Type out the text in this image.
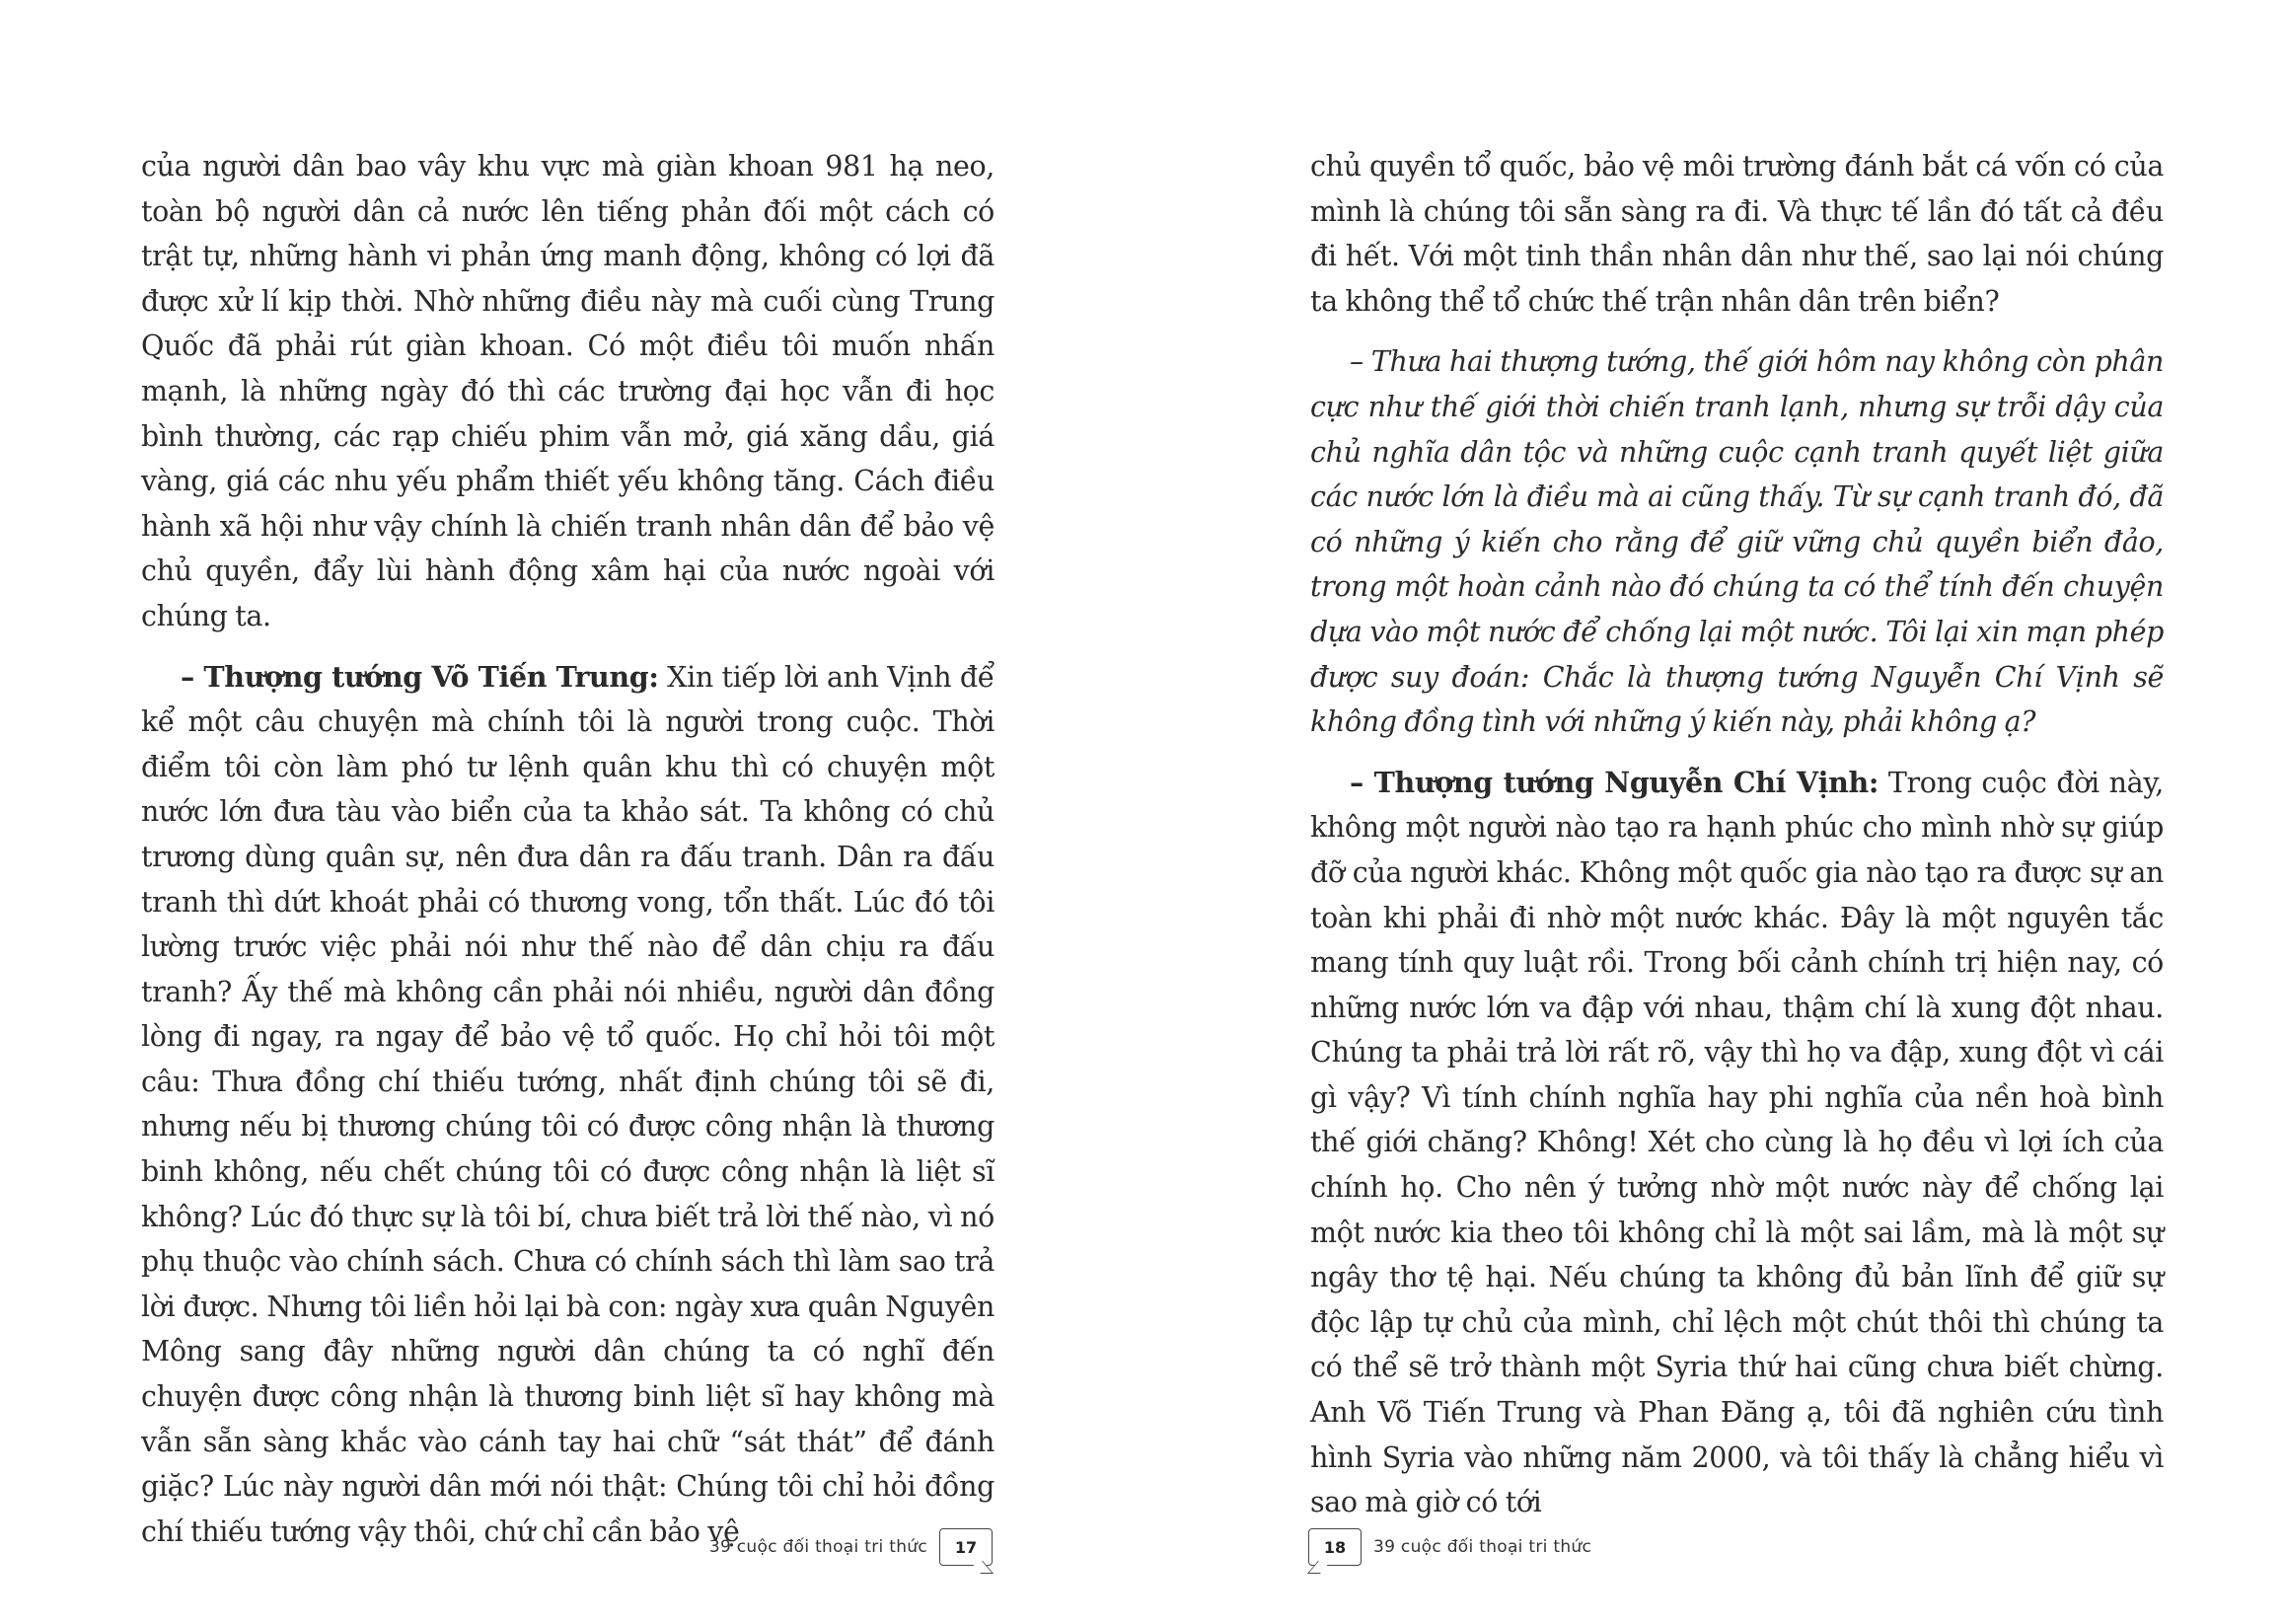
của người dân bao vây khu vực mà giàn khoan 981 hạ neo, toàn bộ người dân cả nước lên tiếng phản đối một cách có trật tự, những hành vi phản ứng manh động, không có lợi đã được xử lí kịp thời. Nhờ những điều này mà cuối cùng Trung Quốc đã phải rút giàn khoan. Có một điều tôi muốn nhấn mạnh, là những ngày đó thì các trường đại học vẫn đi học bình thường, các rạp chiếu phim vẫn mở, giá xăng dầu, giá vàng, giá các nhu yếu phẩm thiết yếu không tăng. Cách điều hành xã hội như vậy chính là chiến tranh nhân dân để bảo vệ chủ quyền, đẩy lùi hành động xâm hại của nước ngoài với chúng ta.

– Thượng tướng Võ Tiến Trung: Xin tiếp lời anh Vịnh để kể một câu chuyện mà chính tôi là người trong cuộc. Thời điểm tôi còn làm phó tư lệnh quân khu thì có chuyện một nước lớn đưa tàu vào biển của ta khảo sát. Ta không có chủ trương dùng quân sự, nên đưa dân ra đấu tranh. Dân ra đấu tranh thì dứt khoát phải có thương vong, tổn thất. Lúc đó tôi lường trước việc phải nói như thế nào để dân chịu ra đấu tranh? Ấy thế mà không cần phải nói nhiều, người dân đồng lòng đi ngay, ra ngay để bảo vệ tổ quốc. Họ chỉ hỏi tôi một câu: Thưa đồng chí thiếu tướng, nhất định chúng tôi sẽ đi, nhưng nếu bị thương chúng tôi có được công nhận là thương binh không, nếu chết chúng tôi có được công nhận là liệt sĩ không? Lúc đó thực sự là tôi bí, chưa biết trả lời thế nào, vì nó phụ thuộc vào chính sách. Chưa có chính sách thì làm sao trả lời được. Nhưng tôi liền hỏi lại bà con: ngày xưa quân Nguyên Mông sang đây những người dân chúng ta có nghĩ đến chuyện được công nhận là thương binh liệt sĩ hay không mà vẫn sẵn sàng khắc vào cánh tay hai chữ “sát thát” để đánh giặc? Lúc này người dân mới nói thật: Chúng tôi chỉ hỏi đồng chí thiếu tướng vậy thôi, chứ chỉ cần bảo vệ

39 cuộc đối thoại tri thức 17

chủ quyền tổ quốc, bảo vệ môi trường đánh bắt cá vốn có của mình là chúng tôi sẵn sàng ra đi. Và thực tế lần đó tất cả đều đi hết. Với một tinh thần nhân dân như thế, sao lại nói chúng ta không thể tổ chức thế trận nhân dân trên biển?

– Thưa hai thượng tướng, thế giới hôm nay không còn phân cực như thế giới thời chiến tranh lạnh, nhưng sự trỗi dậy của chủ nghĩa dân tộc và những cuộc cạnh tranh quyết liệt giữa các nước lớn là điều mà ai cũng thấy. Từ sự cạnh tranh đó, đã có những ý kiến cho rằng để giữ vững chủ quyền biển đảo, trong một hoàn cảnh nào đó chúng ta có thể tính đến chuyện dựa vào một nước để chống lại một nước. Tôi lại xin mạn phép được suy đoán: Chắc là thượng tướng Nguyễn Chí Vịnh sẽ không đồng tình với những ý kiến này, phải không ạ?

– Thượng tướng Nguyễn Chí Vịnh: Trong cuộc đời này, không một người nào tạo ra hạnh phúc cho mình nhờ sự giúp đỡ của người khác. Không một quốc gia nào tạo ra được sự an toàn khi phải đi nhờ một nước khác. Đây là một nguyên tắc mang tính quy luật rồi. Trong bối cảnh chính trị hiện nay, có những nước lớn va đập với nhau, thậm chí là xung đột nhau. Chúng ta phải trả lời rất rõ, vậy thì họ va đập, xung đột vì cái gì vậy? Vì tính chính nghĩa hay phi nghĩa của nền hoà bình thế giới chăng? Không! Xét cho cùng là họ đều vì lợi ích của chính họ. Cho nên ý tưởng nhờ một nước này để chống lại một nước kia theo tôi không chỉ là một sai lầm, mà là một sự ngây thơ tệ hại. Nếu chúng ta không đủ bản lĩnh để giữ sự độc lập tự chủ của mình, chỉ lệch một chút thôi thì chúng ta có thể sẽ trở thành một Syria thứ hai cũng chưa biết chừng. Anh Võ Tiến Trung và Phan Đăng ạ, tôi đã nghiên cứu tình hình Syria vào những năm 2000, và tôi thấy là chẳng hiểu vì sao mà giờ có tới

18 39 cuộc đối thoại tri thức
